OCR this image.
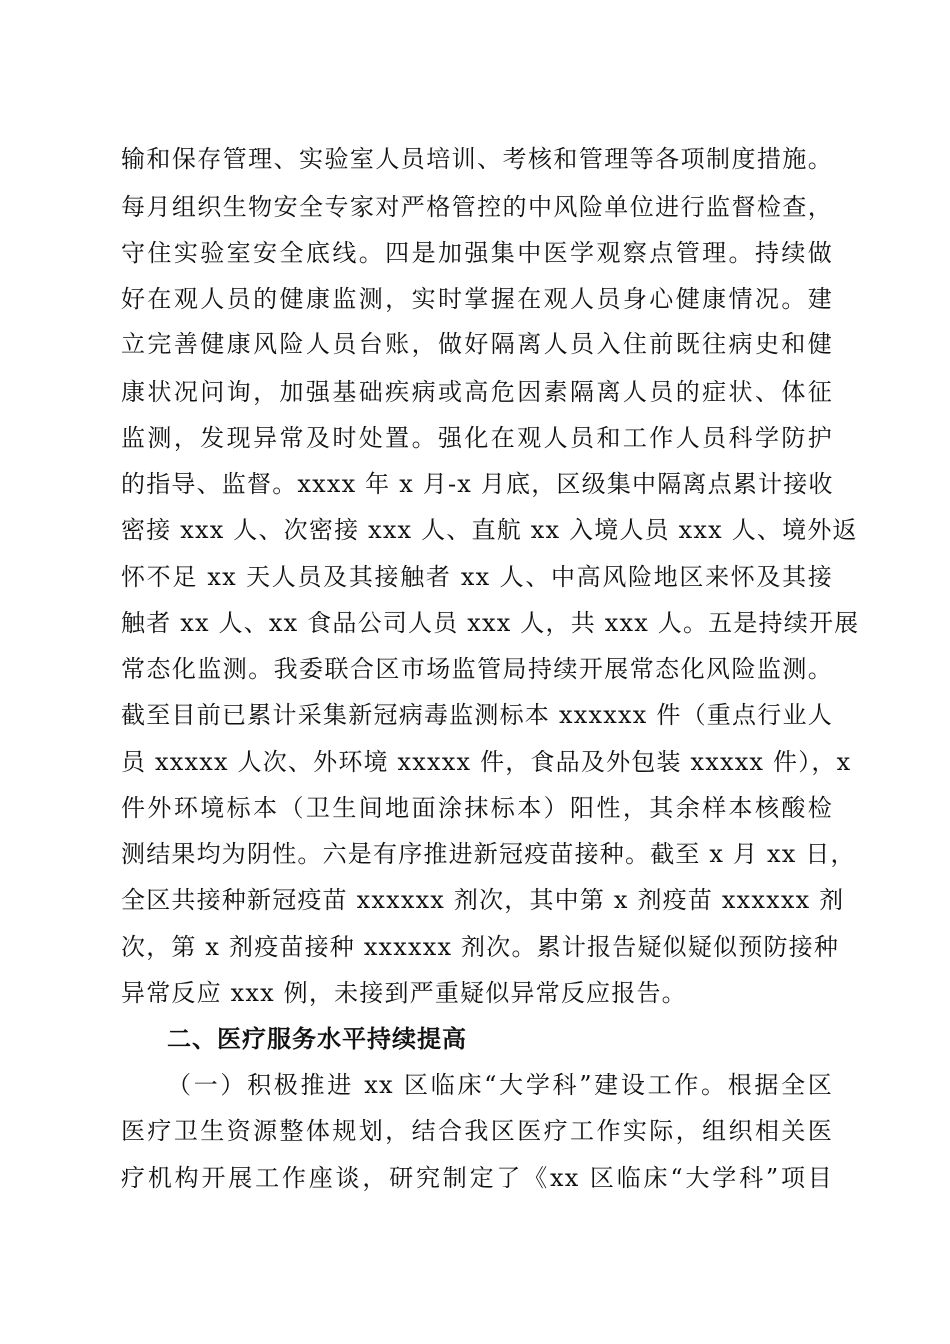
输和保存管理、实验室人员培训、考核和管理等各项制度措施。
每月组织生物安全专家对严格管控的中风险单位进行监督检查，
守住实验室安全底线。四是加强集中医学观察点管理。持续做
好在观人员的健康监测，实时掌握在观人员身心健康情况。建
立完善健康风险人员台账，做好隔离人员入住前既往病史和健
康状况问询，加强基础疾病或高危因素隔离人员的症状、体征
监测，发现异常及时处置。强化在观人员和工作人员科学防护
的指导、监督。xxxx 年 x 月-x 月底，区级集中隔离点累计接收
密接 xxx 人、次密接 xxx 人、直航 xx 入境人员 xxx 人、境外返
怀不足 xx 天人员及其接触者 xx 人、中高风险地区来怀及其接
触者 xx 人、xx 食品公司人员 xxx 人，共 xxx 人。五是持续开展
常态化监测。我委联合区市场监管局持续开展常态化风险监测。
截至目前已累计采集新冠病毒监测标本 xxxxxx 件（重点行业人
员 xxxxx 人次、外环境 xxxxx 件，食品及外包装 xxxxx 件），x
件外环境标本（卫生间地面涂抹标本）阳性，其余样本核酸检
测结果均为阴性。六是有序推进新冠疫苗接种。截至 x 月 xx 日，
全区共接种新冠疫苗 xxxxxx 剂次，其中第 x 剂疫苗 xxxxxx 剂
次，第 x 剂疫苗接种 xxxxxx 剂次。累计报告疑似疑似预防接种
异常反应 xxx 例，未接到严重疑似异常反应报告。
二、医疗服务水平持续提高
（一）积极推进 xx 区临床“大学科”建设工作。根据全区
医疗卫生资源整体规划，结合我区医疗工作实际，组织相关医
疗机构开展工作座谈，研究制定了《xx 区临床“大学科”项目
